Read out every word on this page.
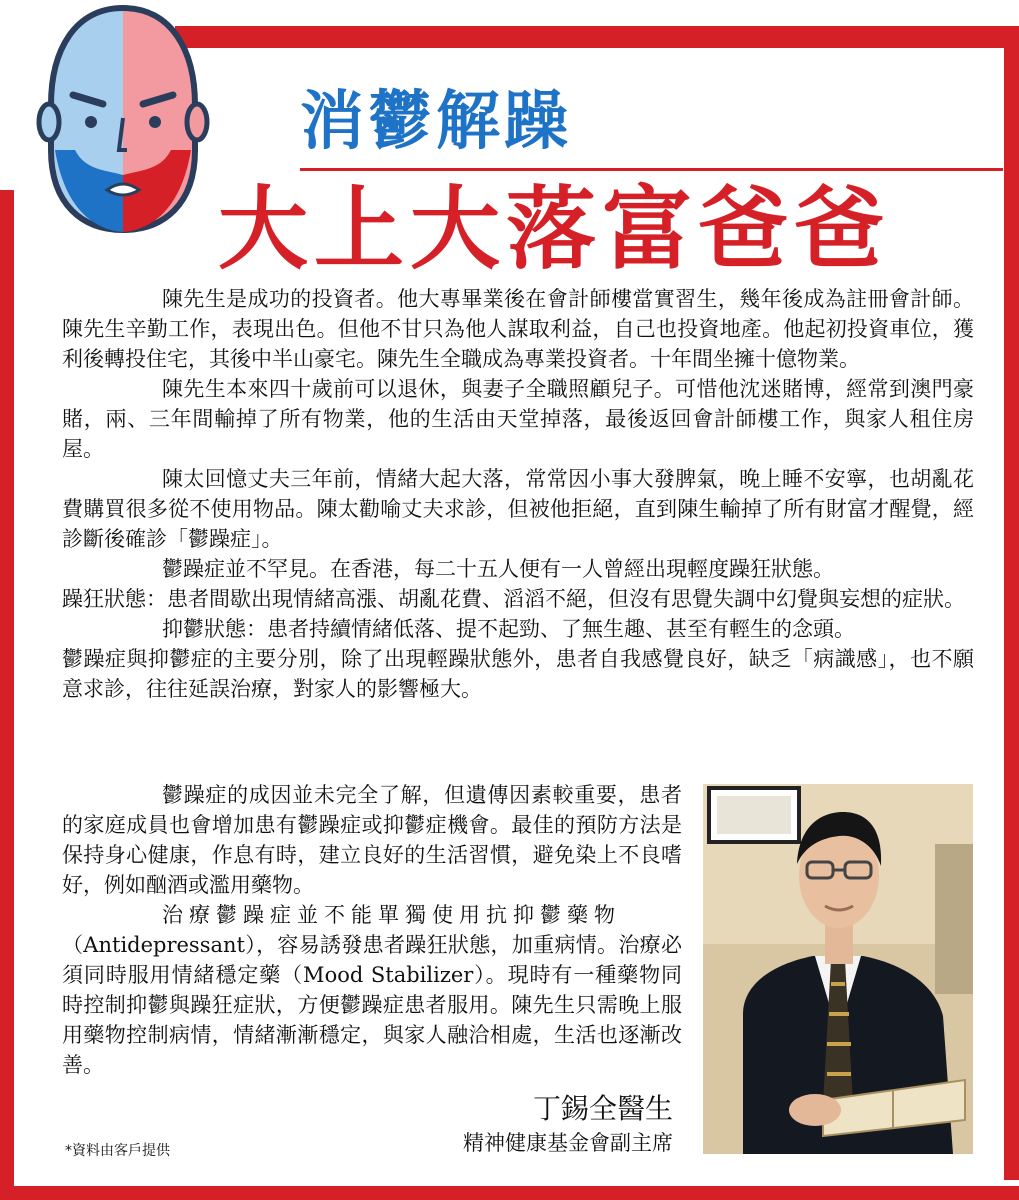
消鬱解躁
大上大落富爸爸

陳先生是成功的投資者。他大專畢業後在會計師樓當實習生，幾年後成為註冊會計師。陳先生辛勤工作，表現出色。但他不甘只為他人謀取利益，自己也投資地產。他起初投資車位，獲利後轉投住宅，其後中半山豪宅。陳先生全職成為專業投資者。十年間坐擁十億物業。

陳先生本來四十歲前可以退休，與妻子全職照顧兒子。可惜他沈迷賭博，經常到澳門豪賭，兩、三年間輸掉了所有物業，他的生活由天堂掉落，最後返回會計師樓工作，與家人租住房屋。

陳太回憶丈夫三年前，情緒大起大落，常常因小事大發脾氣，晚上睡不安寧，也胡亂花費購買很多從不使用物品。陳太勸喻丈夫求診，但被他拒絕，直到陳生輸掉了所有財富才醒覺，經診斷後確診「鬱躁症」。

鬱躁症並不罕見。在香港，每二十五人便有一人曾經出現輕度躁狂狀態。

躁狂狀態：患者間歇出現情緒高漲、胡亂花費、滔滔不絕，但沒有思覺失調中幻覺與妄想的症狀。

抑鬱狀態：患者持續情緒低落、提不起勁、了無生趣、甚至有輕生的念頭。

鬱躁症與抑鬱症的主要分別，除了出現輕躁狀態外，患者自我感覺良好，缺乏「病識感」，也不願意求診，往往延誤治療，對家人的影響極大。

鬱躁症的成因並未完全了解，但遺傳因素較重要，患者的家庭成員也會增加患有鬱躁症或抑鬱症機會。最佳的預防方法是保持身心健康，作息有時，建立良好的生活習慣，避免染上不良嗜好，例如酗酒或濫用藥物。

治療鬱躁症並不能單獨使用抗抑鬱藥物

（Antidepressant），容易誘發患者躁狂狀態，加重病情。治療必須同時服用情緒穩定藥（Mood Stabilizer）。現時有一種藥物同時控制抑鬱與躁狂症狀，方便鬱躁症患者服用。陳先生只需晚上服用藥物控制病情，情緒漸漸穩定，與家人融洽相處，生活也逐漸改善。

丁錫全醫生
精神健康基金會副主席
*資料由客戶提供
